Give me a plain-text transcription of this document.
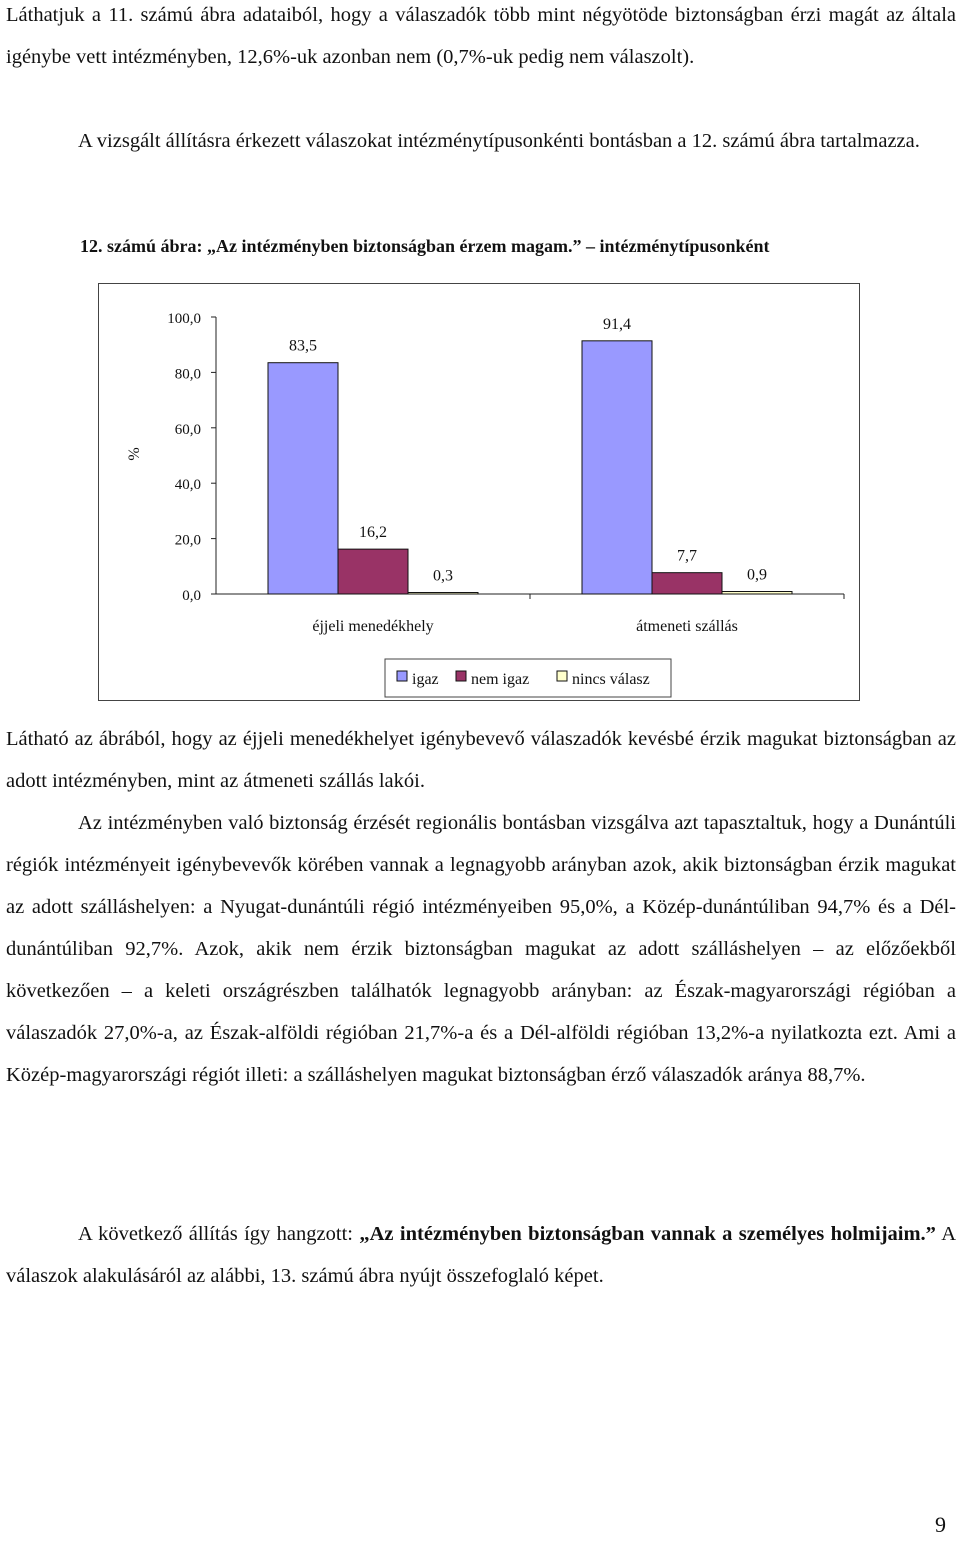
Láthatjuk a 11. számú ábra adataiból, hogy a válaszadók több mint négyötöde biztonságban érzi magát az általa igénybe vett intézményben, 12,6%-uk azonban nem (0,7%-uk pedig nem válaszolt).

A vizsgált állításra érkezett válaszokat intézménytípusonkénti bontásban a 12. számú ábra tartalmazza.

12. számú ábra: „Az intézményben biztonságban érzem magam.” – intézménytípusonként

100,0
80,0
60,0
40,0
20,0
0,0
%
83,5
16,2
0,3
éjjeli menedékhely
91,4
7,7
0,9
átmeneti szállás
igaz nem igaz	nincs válasz

Látható az ábrából, hogy az éjjeli menedékhelyet igénybevevő válaszadók kevésbé érzik magukat biztonságban az adott intézményben, mint az átmeneti szállás lakói.

Az intézményben való biztonság érzését regionális bontásban vizsgálva azt tapasztaltuk, hogy a Dunántúli régiók intézményeit igénybevevők körében vannak a legnagyobb arányban azok, akik biztonságban érzik magukat az adott szálláshelyen: a Nyugat-dunántúli régió intézményeiben 95,0%, a Közép-dunántúliban 94,7% és a Dél-dunántúliban 92,7%. Azok, akik nem érzik biztonságban magukat az adott szálláshelyen – az előzőekből következően – a keleti országrészben találhatók legnagyobb arányban: az Észak-magyarországi régióban a válaszadók 27,0%-a, az Észak-alföldi régióban 21,7%-a és a Dél-alföldi régióban 13,2%-a nyilatkozta ezt. Ami a Közép-magyarországi régiót illeti: a szálláshelyen magukat biztonságban érző válaszadók aránya 88,7%.

A következő állítás így hangzott: „Az intézményben biztonságban vannak a személyes holmijaim.” A válaszok alakulásáról az alábbi, 13. számú ábra nyújt összefoglaló képet.

9
